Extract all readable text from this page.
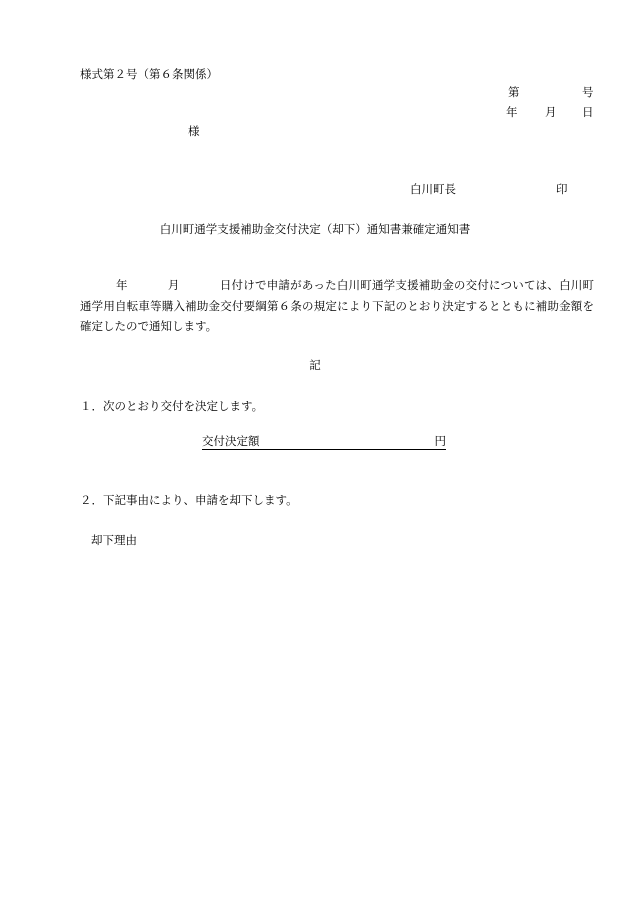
様式第２号（第６条関係）
第	号
年 月 日
様
白川町長	印
白川町通学支援補助金交付決定（却下）通知書兼確定通知書
年	月	日付けで申請があった白川町通学支援補助金の交付については、白川町通学用自転車等購入補助金交付要綱第６条の規定により下記のとおり決定するとともに補助金額を確定したので通知します。
記
１．次のとおり交付を決定します。
交付決定額	円
２．下記事由により、申請を却下します。
却下理由
